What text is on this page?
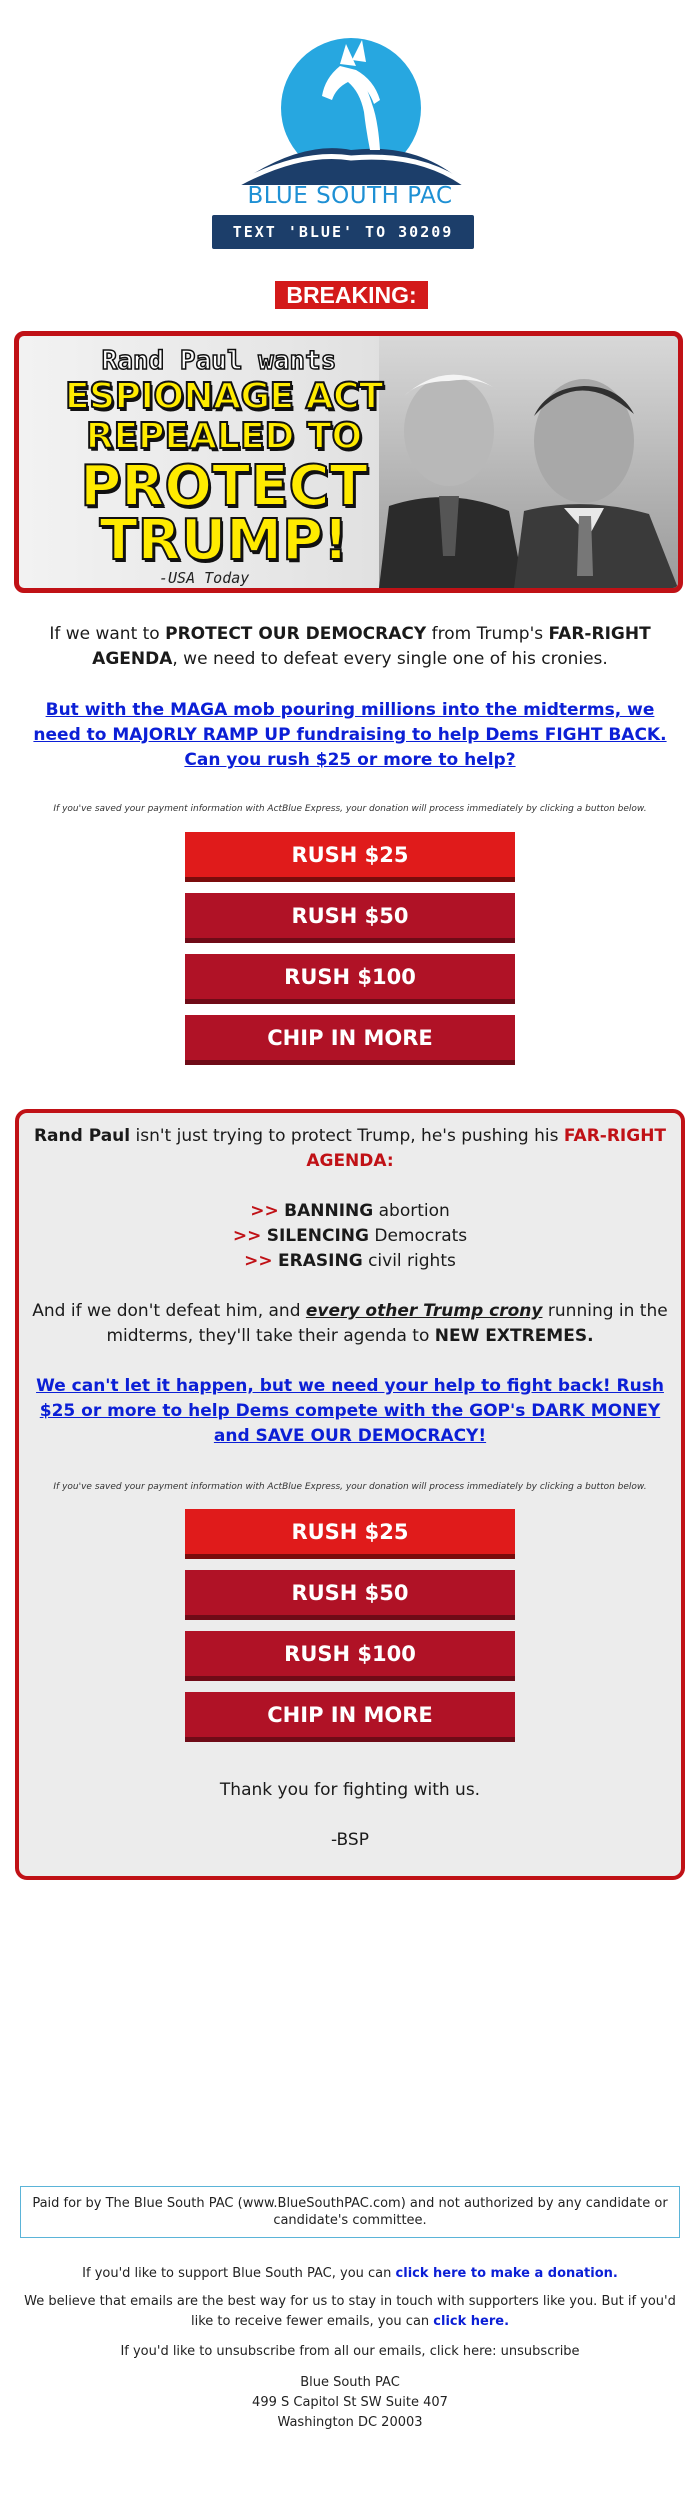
BLUE SOUTH PAC
TEXT 'BLUE' TO 30209
BREAKING:
Rand Paul wants
ESPIONAGE ACT
REPEALED TO
PROTECT
TRUMP!
-USA Today
If we want to PROTECT OUR DEMOCRACY from Trump's FAR-RIGHT AGENDA, we need to defeat every single one of his cronies.
But with the MAGA mob pouring millions into the midterms, we need to MAJORLY RAMP UP fundraising to help Dems FIGHT BACK. Can you rush $25 or more to help?
If you've saved your payment information with ActBlue Express, your donation will process immediately by clicking a button below.
RUSH $25
RUSH $50
RUSH $100
CHIP IN MORE
Rand Paul isn't just trying to protect Trump, he's pushing his FAR-RIGHT AGENDA:
>> BANNING abortion
>> SILENCING Democrats
>> ERASING civil rights
And if we don't defeat him, and every other Trump crony running in the midterms, they'll take their agenda to NEW EXTREMES.
We can't let it happen, but we need your help to fight back! Rush $25 or more to help Dems compete with the GOP's DARK MONEY and SAVE OUR DEMOCRACY!
If you've saved your payment information with ActBlue Express, your donation will process immediately by clicking a button below.
RUSH $25
RUSH $50
RUSH $100
CHIP IN MORE
Thank you for fighting with us.
-BSP
Paid for by The Blue South PAC (www.BlueSouthPAC.com) and not authorized by any candidate or candidate's committee.
If you'd like to support Blue South PAC, you can click here to make a donation.
We believe that emails are the best way for us to stay in touch with supporters like you. But if you'd like to receive fewer emails, you can click here.
If you'd like to unsubscribe from all our emails, click here: unsubscribe
Blue South PAC
499 S Capitol St SW Suite 407
Washington DC 20003
